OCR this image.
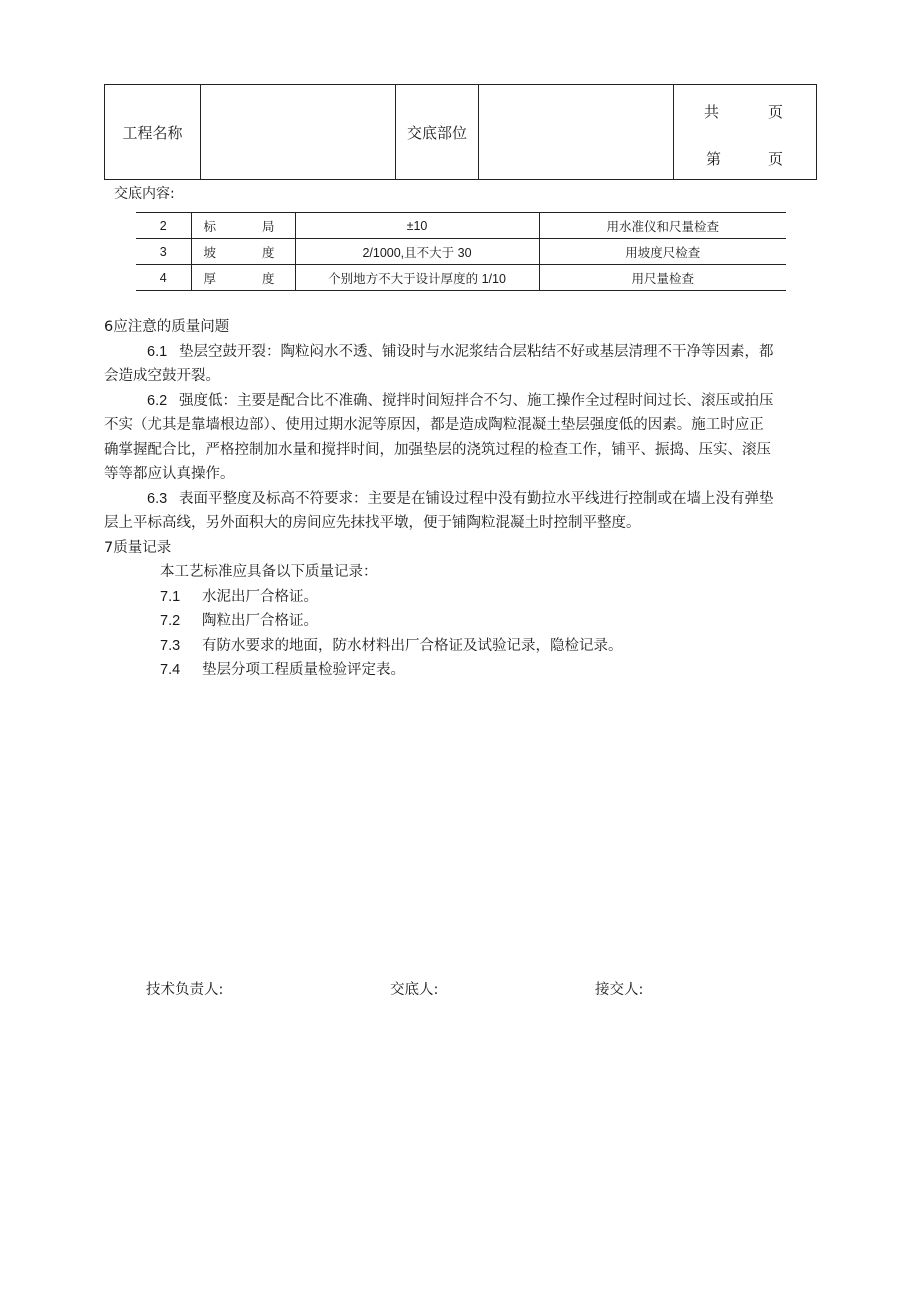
工程名称		交底部位		
共	页
第	页
交底内容:
2	标 局	±10	用水准仪和尺量检查
3	坡 度	2/1000,且不大于 30	用坡度尺检查
4	厚 度	个别地方不大于设计厚度的 1/10	用尺量检查
6应注意的质量问题
6.1 垫层空鼓开裂：陶粒闷水不透、铺设时与水泥浆结合层粘结不好或基层清理不干净等因素，都
会造成空鼓开裂。
6.2 强度低：主要是配合比不准确、搅拌时间短拌合不匀、施工操作全过程时间过长、滚压或拍压
不实（尤其是靠墙根边部）、使用过期水泥等原因，都是造成陶粒混凝土垫层强度低的因素。施工时应正
确掌握配合比，严格控制加水量和搅拌时间，加强垫层的浇筑过程的检查工作，铺平、振捣、压实、滚压
等等都应认真操作。
6.3 表面平整度及标高不符要求：主要是在铺设过程中没有勤拉水平线进行控制或在墙上没有弹垫
层上平标高线，另外面积大的房间应先抹找平墩，便于铺陶粒混凝土时控制平整度。
7质量记录
本工艺标准应具备以下质量记录：
7.1 水泥出厂合格证。
7.2 陶粒出厂合格证。
7.3 有防水要求的地面，防水材料出厂合格证及试验记录，隐检记录。
7.4 垫层分项工程质量检验评定表。
技术负责人:	交底人:	接交人:
